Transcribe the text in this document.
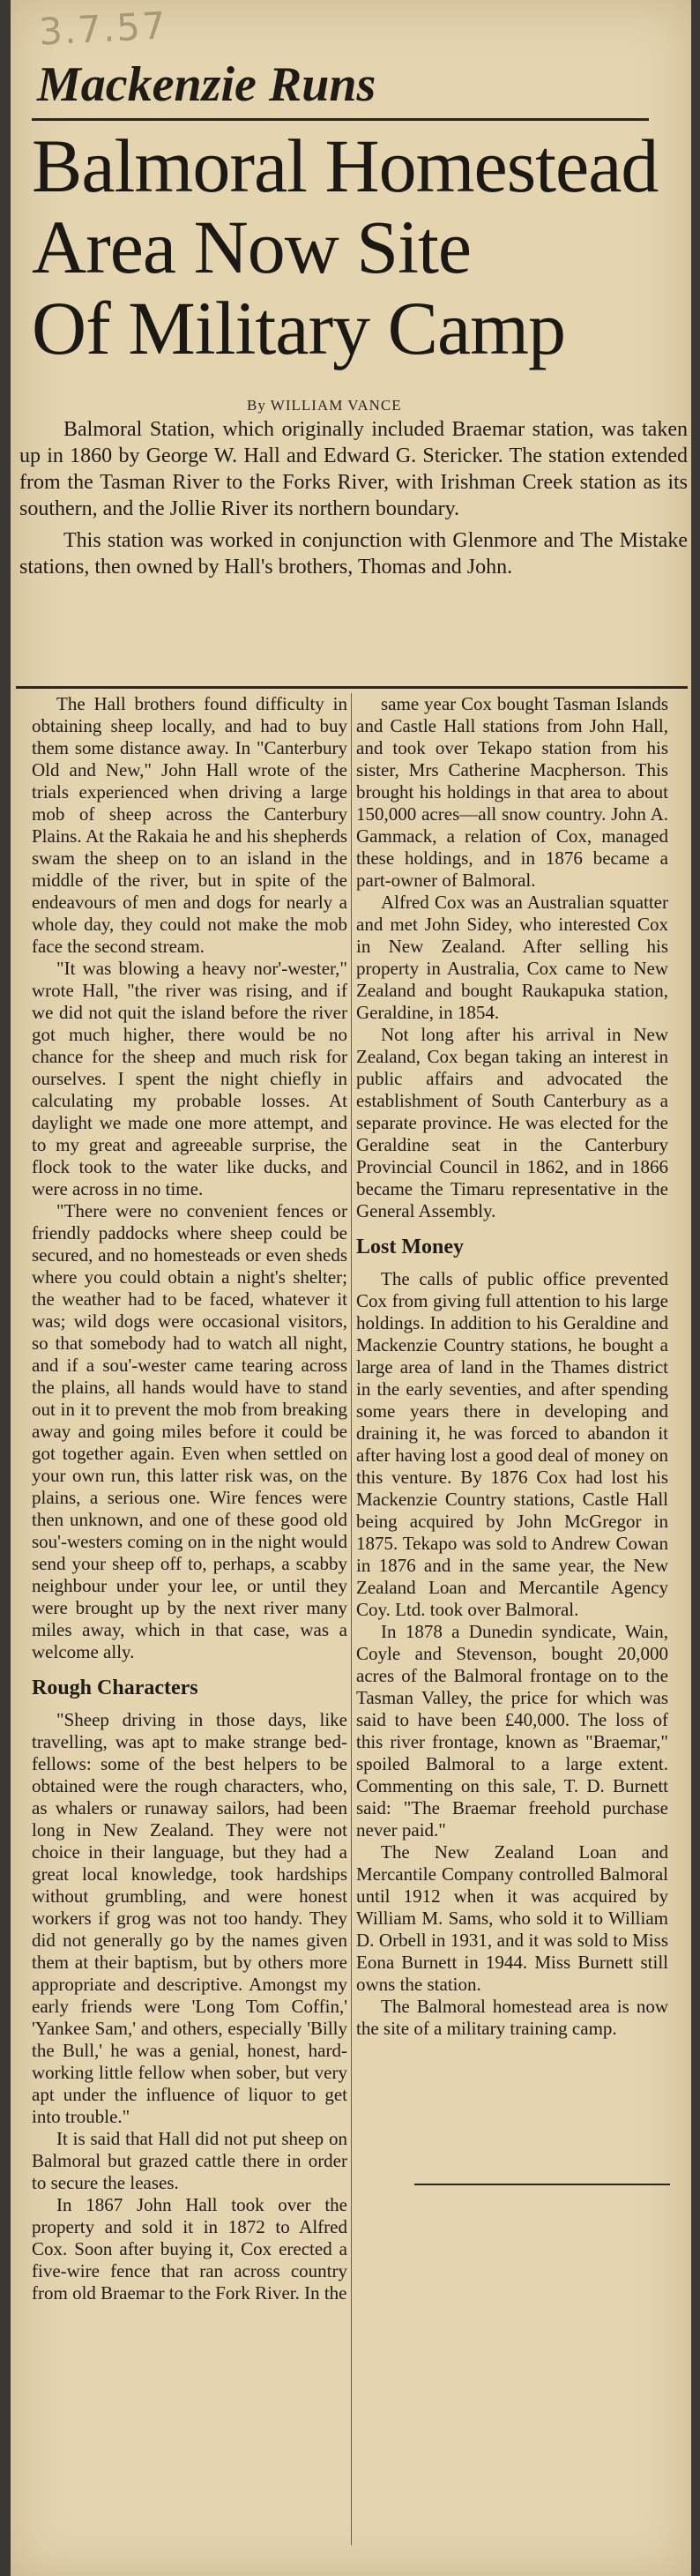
3.7.57
Mackenzie Runs
Balmoral Homestead
Area Now Site
Of Military Camp
By WILLIAM VANCE

Balmoral Station, which originally included Braemar station, was taken up in 1860 by George W. Hall and Edward G. Stericker. The station extended from the Tasman River to the Forks River, with Irishman Creek station as its southern, and the Jollie River its northern boundary.

This station was worked in conjunction with Glenmore and The Mistake stations, then owned by Hall's brothers, Thomas and John.

The Hall brothers found difficulty in obtaining sheep locally, and had to buy them some distance away. In "Canterbury Old and New," John Hall wrote of the trials experienced when driving a large mob of sheep across the Canterbury Plains. At the Rakaia he and his shepherds swam the sheep on to an island in the middle of the river, but in spite of the endeavours of men and dogs for nearly a whole day, they could not make the mob face the second stream.

"It was blowing a heavy nor'-wester," wrote Hall, "the river was rising, and if we did not quit the island before the river got much higher, there would be no chance for the sheep and much risk for ourselves. I spent the night chiefly in calculating my probable losses. At daylight we made one more attempt, and to my great and agreeable surprise, the flock took to the water like ducks, and were across in no time.

"There were no convenient fences or friendly paddocks where sheep could be secured, and no homesteads or even sheds where you could obtain a night's shelter; the weather had to be faced, whatever it was; wild dogs were occasional visitors, so that somebody had to watch all night, and if a sou'-wester came tearing across the plains, all hands would have to stand out in it to prevent the mob from breaking away and going miles before it could be got together again. Even when settled on your own run, this latter risk was, on the plains, a serious one. Wire fences were then unknown, and one of these good old sou'-westers coming on in the night would send your sheep off to, perhaps, a scabby neighbour under your lee, or until they were brought up by the next river many miles away, which in that case, was a welcome ally.

Rough Characters

"Sheep driving in those days, like travelling, was apt to make strange bed-fellows: some of the best helpers to be obtained were the rough characters, who, as whalers or runaway sailors, had been long in New Zealand. They were not choice in their language, but they had a great local knowledge, took hardships without grumbling, and were honest workers if grog was not too handy. They did not generally go by the names given them at their baptism, but by others more appropriate and descriptive. Amongst my early friends were 'Long Tom Coffin,' 'Yankee Sam,' and others, especially 'Billy the Bull,' he was a genial, honest, hard-working little fellow when sober, but very apt under the influence of liquor to get into trouble."

It is said that Hall did not put sheep on Balmoral but grazed cattle there in order to secure the leases.

In 1867 John Hall took over the property and sold it in 1872 to Alfred Cox. Soon after buying it, Cox erected a five-wire fence that ran across country from old Braemar to the Fork River. In the

same year Cox bought Tasman Islands and Castle Hall stations from John Hall, and took over Tekapo station from his sister, Mrs Catherine Macpherson. This brought his holdings in that area to about 150,000 acres—all snow country. John A. Gammack, a relation of Cox, managed these holdings, and in 1876 became a part-owner of Balmoral.

Alfred Cox was an Australian squatter and met John Sidey, who interested Cox in New Zealand. After selling his property in Australia, Cox came to New Zealand and bought Raukapuka station, Geraldine, in 1854.

Not long after his arrival in New Zealand, Cox began taking an interest in public affairs and advocated the establishment of South Canterbury as a separate province. He was elected for the Geraldine seat in the Canterbury Provincial Council in 1862, and in 1866 became the Timaru representative in the General Assembly.

Lost Money

The calls of public office prevented Cox from giving full attention to his large holdings. In addition to his Geraldine and Mackenzie Country stations, he bought a large area of land in the Thames district in the early seventies, and after spending some years there in developing and draining it, he was forced to abandon it after having lost a good deal of money on this venture. By 1876 Cox had lost his Mackenzie Country stations, Castle Hall being acquired by John McGregor in 1875. Tekapo was sold to Andrew Cowan in 1876 and in the same year, the New Zealand Loan and Mercantile Agency Coy. Ltd. took over Balmoral.

In 1878 a Dunedin syndicate, Wain, Coyle and Stevenson, bought 20,000 acres of the Balmoral frontage on to the Tasman Valley, the price for which was said to have been £40,000. The loss of this river frontage, known as "Braemar," spoiled Balmoral to a large extent. Commenting on this sale, T. D. Burnett said: "The Braemar freehold purchase never paid."

The New Zealand Loan and Mercantile Company controlled Balmoral until 1912 when it was acquired by William M. Sams, who sold it to William D. Orbell in 1931, and it was sold to Miss Eona Burnett in 1944. Miss Burnett still owns the station.

The Balmoral homestead area is now the site of a military training camp.
